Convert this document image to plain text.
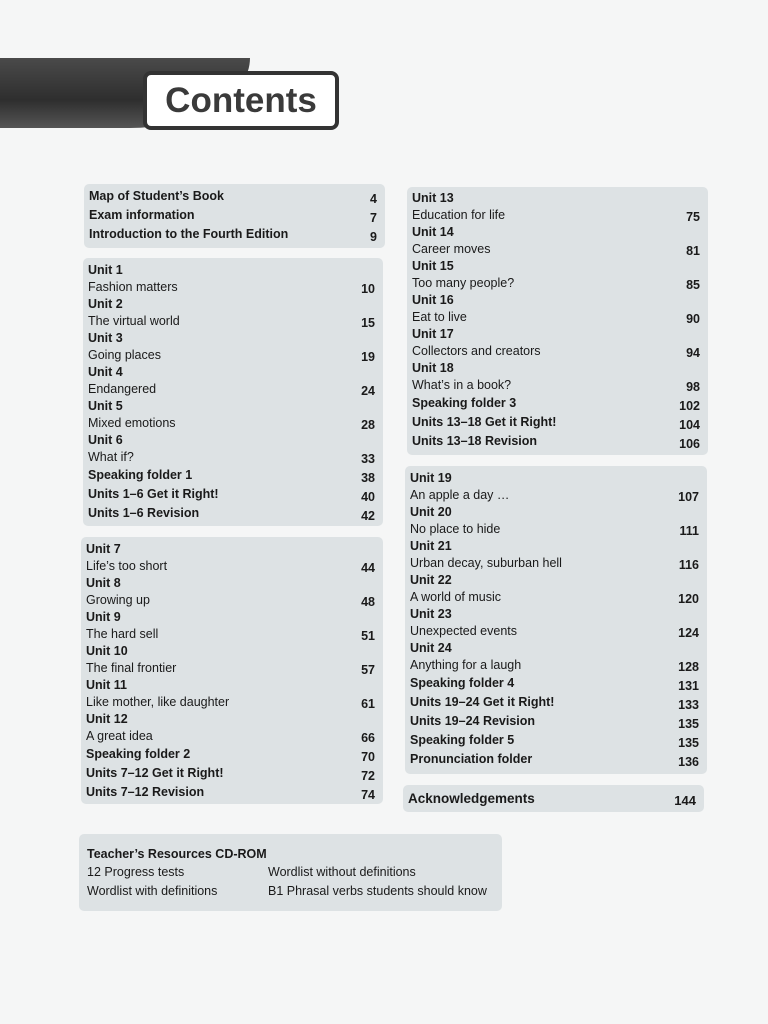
Contents
Map of Student’s Book	4
Exam information	7
Introduction to the Fourth Edition	9
Unit 1
Fashion matters	10
Unit 2
The virtual world	15
Unit 3
Going places	19
Unit 4
Endangered	24
Unit 5
Mixed emotions	28
Unit 6
What if?	33
Speaking folder 1	38
Units 1–6 Get it Right!	40
Units 1–6 Revision	42
Unit 7
Life’s too short	44
Unit 8
Growing up	48
Unit 9
The hard sell	51
Unit 10
The final frontier	57
Unit 11
Like mother, like daughter	61
Unit 12
A great idea	66
Speaking folder 2	70
Units 7–12 Get it Right!	72
Units 7–12 Revision	74
Unit 13
Education for life	75
Unit 14
Career moves	81
Unit 15
Too many people?	85
Unit 16
Eat to live	90
Unit 17
Collectors and creators	94
Unit 18
What’s in a book?	98
Speaking folder 3	102
Units 13–18 Get it Right!	104
Units 13–18 Revision	106
Unit 19
An apple a day …	107
Unit 20
No place to hide	111
Unit 21
Urban decay, suburban hell	116
Unit 22
A world of music	120
Unit 23
Unexpected events	124
Unit 24
Anything for a laugh	128
Speaking folder 4	131
Units 19–24 Get it Right!	133
Units 19–24 Revision	135
Speaking folder 5	135
Pronunciation folder	136
Acknowledgements	144
Teacher’s Resources CD-ROM
12 Progress tests	Wordlist without definitions
Wordlist with definitions	B1 Phrasal verbs students should know
